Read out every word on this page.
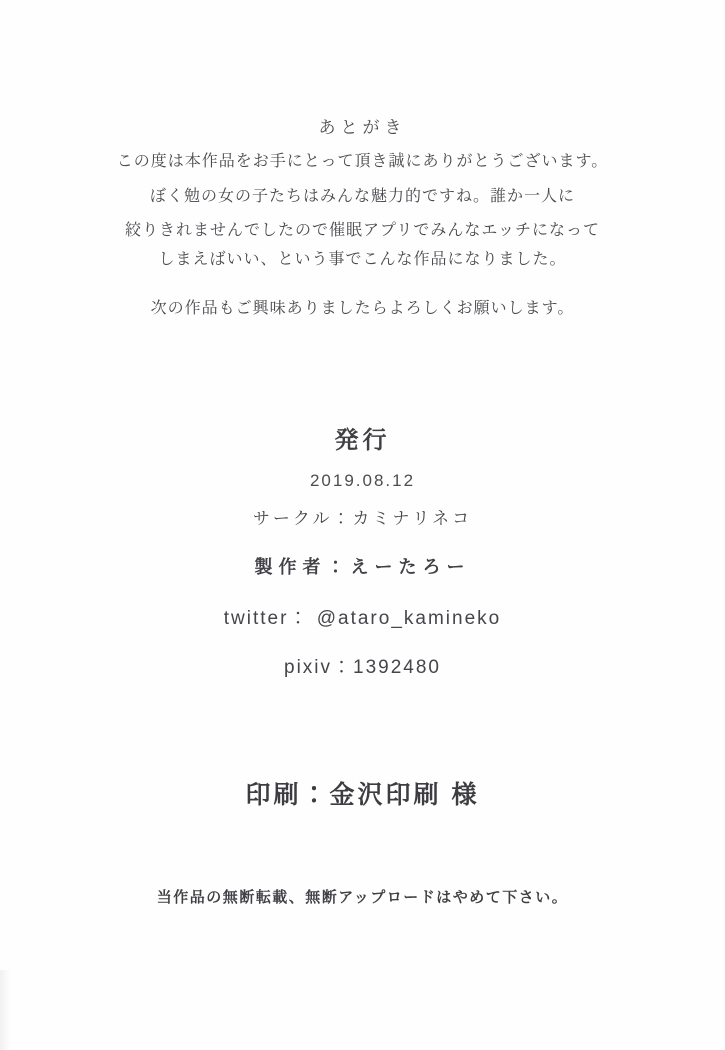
あとがき
この度は本作品をお手にとって頂き誠にありがとうございます。
ぼく勉の女の子たちはみんな魅力的ですね。誰か一人に
絞りきれませんでしたので催眠アプリでみんなエッチになって
しまえばいい、という事でこんな作品になりました。
次の作品もご興味ありましたらよろしくお願いします。
発行
2019.08.12
サークル：カミナリネコ
製作者：えーたろー
twitter： @ataro_kamineko
pixiv：1392480
印刷：金沢印刷 様
当作品の無断転載、無断アップロードはやめて下さい。
